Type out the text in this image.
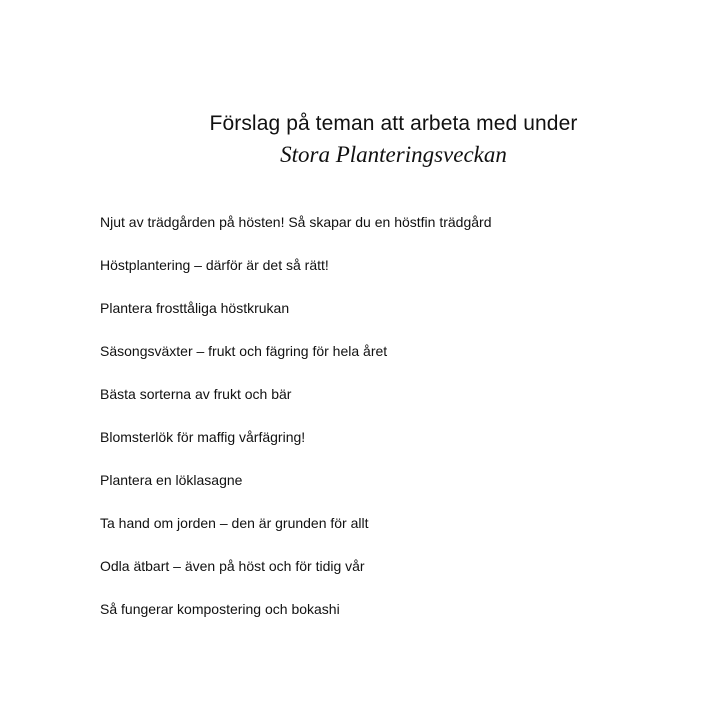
Förslag på teman att arbeta med under
Stora Planteringsveckan
Njut av trädgården på hösten! Så skapar du en höstfin trädgård
Höstplantering – därför är det så rätt!
Plantera frosttåliga höstkrukan
Säsongsväxter – frukt och fägring för hela året
Bästa sorterna av frukt och bär
Blomsterlök för maffig vårfägring!
Plantera en löklasagne
Ta hand om jorden – den är grunden för allt
Odla ätbart – även på höst och för tidig vår
Så fungerar kompostering och bokashi
